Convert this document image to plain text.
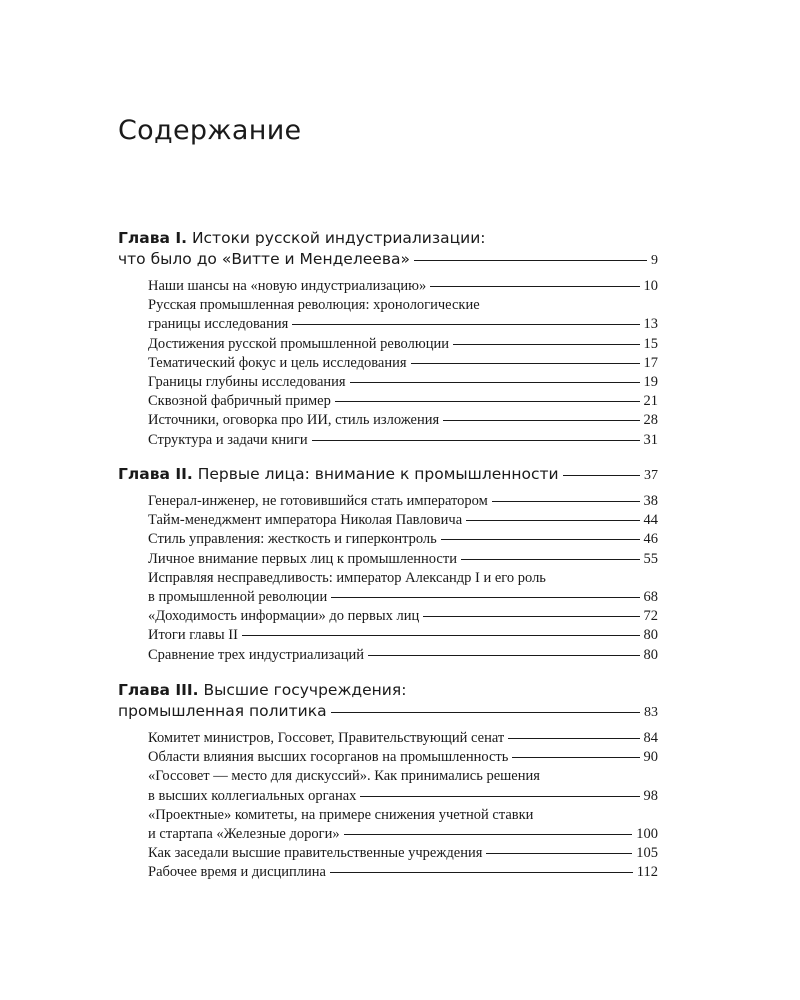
Содержание
Глава I. Истоки русской индустриализации:
что было до «Витте и Менделеева»	9
Наши шансы на «новую индустриализацию»	10
Русская промышленная революция: хронологические
границы исследования	13
Достижения русской промышленной революции	15
Тематический фокус и цель исследования	17
Границы глубины исследования	19
Сквозной фабричный пример	21
Источники, оговорка про ИИ, стиль изложения	28
Структура и задачи книги	31
Глава II. Первые лица: внимание к промышленности	37
Генерал-инженер, не готовившийся стать императором	38
Тайм-менеджмент императора Николая Павловича	44
Стиль управления: жесткость и гиперконтроль	46
Личное внимание первых лиц к промышленности	55
Исправляя несправедливость: император Александр I и его роль
в промышленной революции	68
«Доходимость информации» до первых лиц	72
Итоги главы II	80
Сравнение трех индустриализаций	80
Глава III. Высшие госучреждения:
промышленная политика	83
Комитет министров, Госсовет, Правительствующий сенат	84
Области влияния высших госорганов на промышленность	90
«Госсовет — место для дискуссий». Как принимались решения
в высших коллегиальных органах	98
«Проектные» комитеты, на примере снижения учетной ставки
и стартапа «Железные дороги»	100
Как заседали высшие правительственные учреждения	105
Рабочее время и дисциплина	112
